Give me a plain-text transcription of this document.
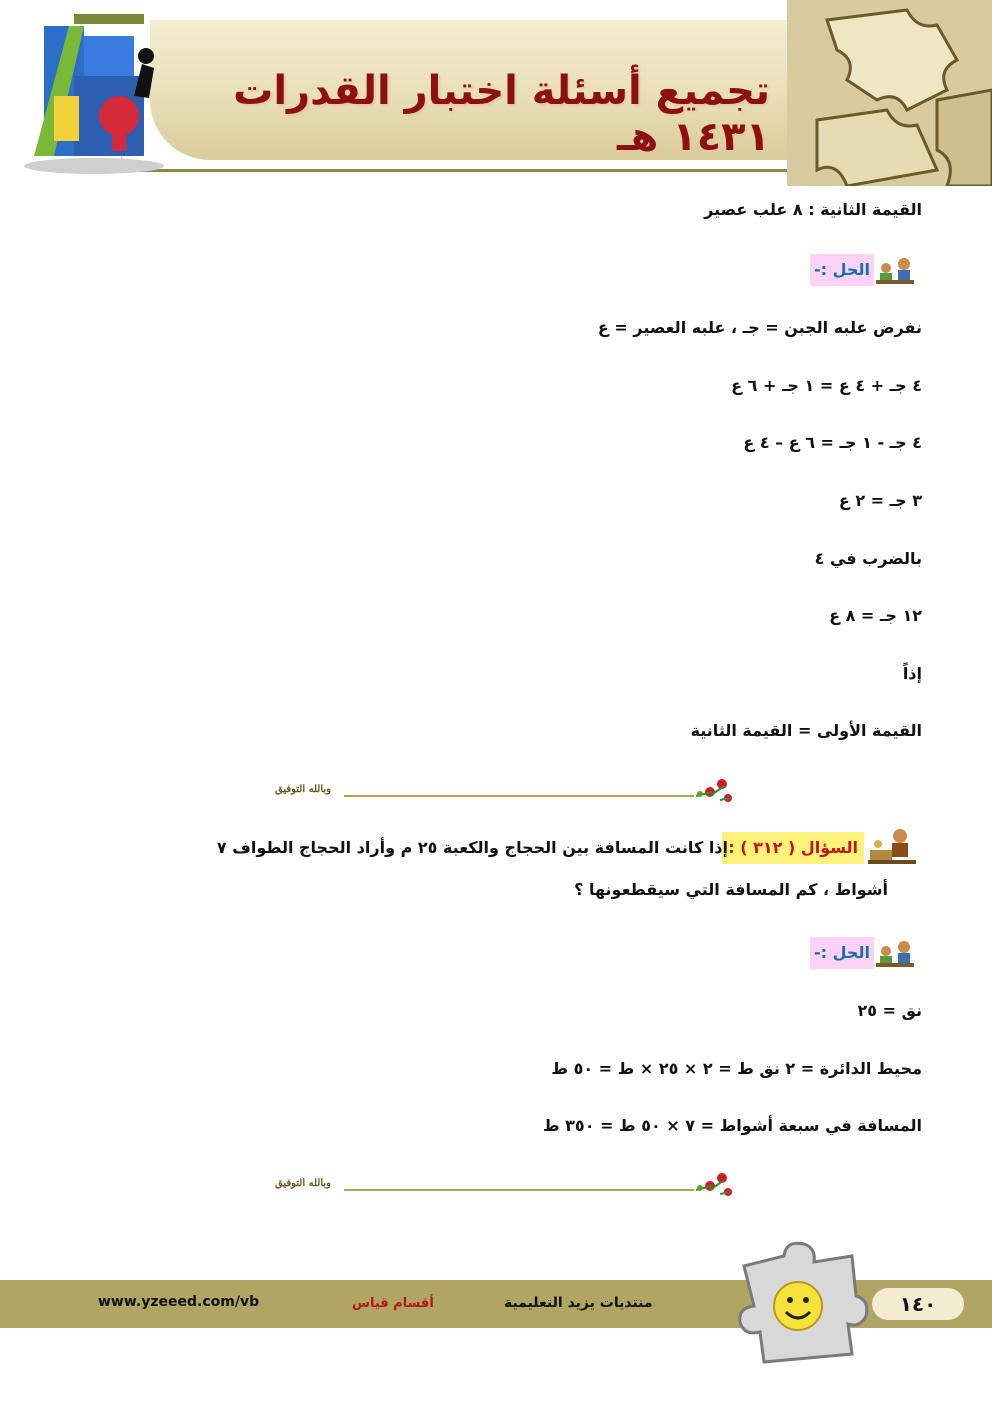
تجميع أسئلة اختبار القدرات ١٤٣١ هـ
القيمة الثانية : ٨ علب عصير
الحل :-
نفرض علبه الجبن = جـ ، علبه العصير = ع
٤ جـ + ٤ ع = ١ جـ + ٦ ع
٤ جـ - ١ جـ = ٦ ع – ٤ ع
٣ جـ = ٢ ع
بالضرب في ٤
١٢ جـ = ٨ ع
إذاً
القيمة الأولى = القيمة الثانية
وبالله التوفيق
السؤال ( ٣١٢ ) :
إذا كانت المسافة بين الحجاج والكعبة ٢٥ م وأراد الحجاج الطواف ٧
أشواط ، كم المسافة التي سيقطعونها ؟
الحل :-
نق = ٢٥
محيط الدائرة = ٢ نق ط = ٢ × ٢٥ × ط = ٥٠ ط
المسافة في سبعة أشواط = ٧ × ٥٠ ط = ٣٥٠ ط
وبالله التوفيق
www.yzeeed.com/vb	أقسام قياس	منتديات يزيد التعليمية	١٤٠
